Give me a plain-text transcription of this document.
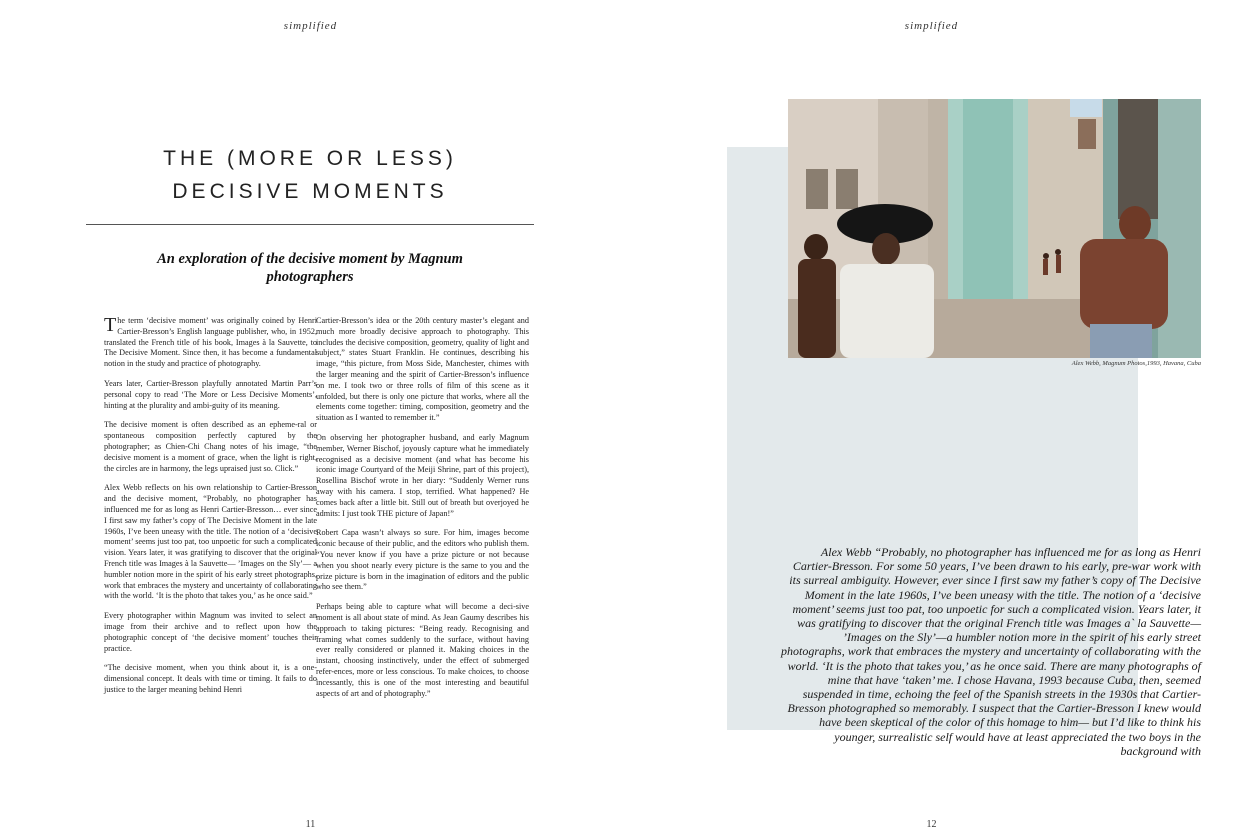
simplified
THE (MORE OR LESS)
DECISIVE MOMENTS
An exploration of the decisive moment by Magnum photographers

The term ‘decisive moment’ was originally coined by Henri Cartier-Bresson’s English language publisher, who, in 1952, translated the French title of his book, Images à la Sauvette, to The Decisive Moment. Since then, it has become a fundamental notion in the study and practice of photography.

Years later, Cartier-Bresson playfully annotated Martin Parr’s personal copy to read ‘The More or Less Decisive Moments’, hinting at the plurality and ambi-guity of its meaning.

The decisive moment is often described as an epheme-ral or spontaneous composition perfectly captured by the photographer; as Chien-Chi Chang notes of his image, “the decisive moment is a moment of grace, when the light is right, the circles are in harmony, the legs upraised just so. Click.”

Alex Webb reflects on his own relationship to Cartier-Bresson and the decisive moment, “Probably, no photographer has influenced me for as long as Henri Cartier-Bresson… ever since I first saw my father’s copy of The Decisive Moment in the late 1960s, I’ve been uneasy with the title. The notion of a ‘decisive moment’ seems just too pat, too unpoetic for such a complicated vision. Years later, it was gratifying to discover that the original French title was Images à la Sauvette— ’Images on the Sly’— a humbler notion more in the spirit of his early street photographs, work that embraces the mystery and uncertainty of collaborating with the world. ‘It is the photo that takes you,’ as he once said.”

Every photographer within Magnum was invited to select an image from their archive and to reflect upon how the photographic concept of ‘the decisive moment’ touches their practice.

“The decisive moment, when you think about it, is a one-dimensional concept. It deals with time or timing. It fails to do justice to the larger meaning behind Henri

Cartier-Bresson’s idea or the 20th century master’s elegant and much more broadly decisive approach to photography. This includes the decisive composition, geometry, quality of light and subject,” states Stuart Franklin. He continues, describing his image, “this picture, from Moss Side, Manchester, chimes with the larger meaning and the spirit of Cartier-Bresson’s influence on me. I took two or three rolls of film of this scene as it unfolded, but there is only one picture that works, where all the elements come together: timing, composition, geometry and the situation as I wanted to remember it.”

On observing her photographer husband, and early Magnum member, Werner Bischof, joyously capture what he immediately recognised as a decisive moment (and what has become his iconic image Courtyard of the Meiji Shrine, part of this project), Rosellina Bischof wrote in her diary: “Suddenly Werner runs away with his camera. I stop, terrified. What happened? He comes back after a little bit. Still out of breath but overjoyed he admits: I just took THE picture of Japan!”

Robert Capa wasn’t always so sure. For him, images become iconic because of their public, and the editors who publish them. “You never know if you have a prize picture or not because when you shoot nearly every picture is the same to you and the prize picture is born in the imagination of editors and the public who see them.”

Perhaps being able to capture what will become a deci-sive moment is all about state of mind. As Jean Gaumy describes his approach to taking pictures: “Being ready. Recognising and framing what comes suddenly to the surface, without having ever really considered or planned it. Making choices in the instant, choosing instinctively, under the effect of submerged refer-ences, more or less conscious. To make choices, to choose incessantly, this is one of the most interesting and beautiful aspects of art and of photography.”

11
simplified
Alex Webb, Magnum Photos,1993, Havana, Cuba
Alex Webb “Probably, no photographer has influenced me for as long as Henri Cartier-Bresson. For some 50 years, I’ve been drawn to his early, pre-war work with its surreal ambiguity. However, ever since I first saw my father’s copy of The Decisive Moment in the late 1960s, I’ve been uneasy with the title. The notion of a ‘decisive moment’ seems just too pat, too unpoetic for such a complicated vision. Years later, it was gratifying to discover that the original French title was Images a` la Sauvette— ’Images on the Sly’—a humbler notion more in the spirit of his early street photographs, work that embraces the mystery and uncertainty of collaborating with the world. ‘It is the photo that takes you,’ as he once said. There are many photographs of mine that have ‘taken’ me. I chose Havana, 1993 because Cuba, then, seemed suspended in time, echoing the feel of the Spanish streets in the 1930s that Cartier-Bresson photographed so memorably. I suspect that the Cartier-Bresson I knew would have been skeptical of the color of this homage to him— but I’d like to think his younger, surrealistic self would have at least appreciated the two boys in the background with
12
